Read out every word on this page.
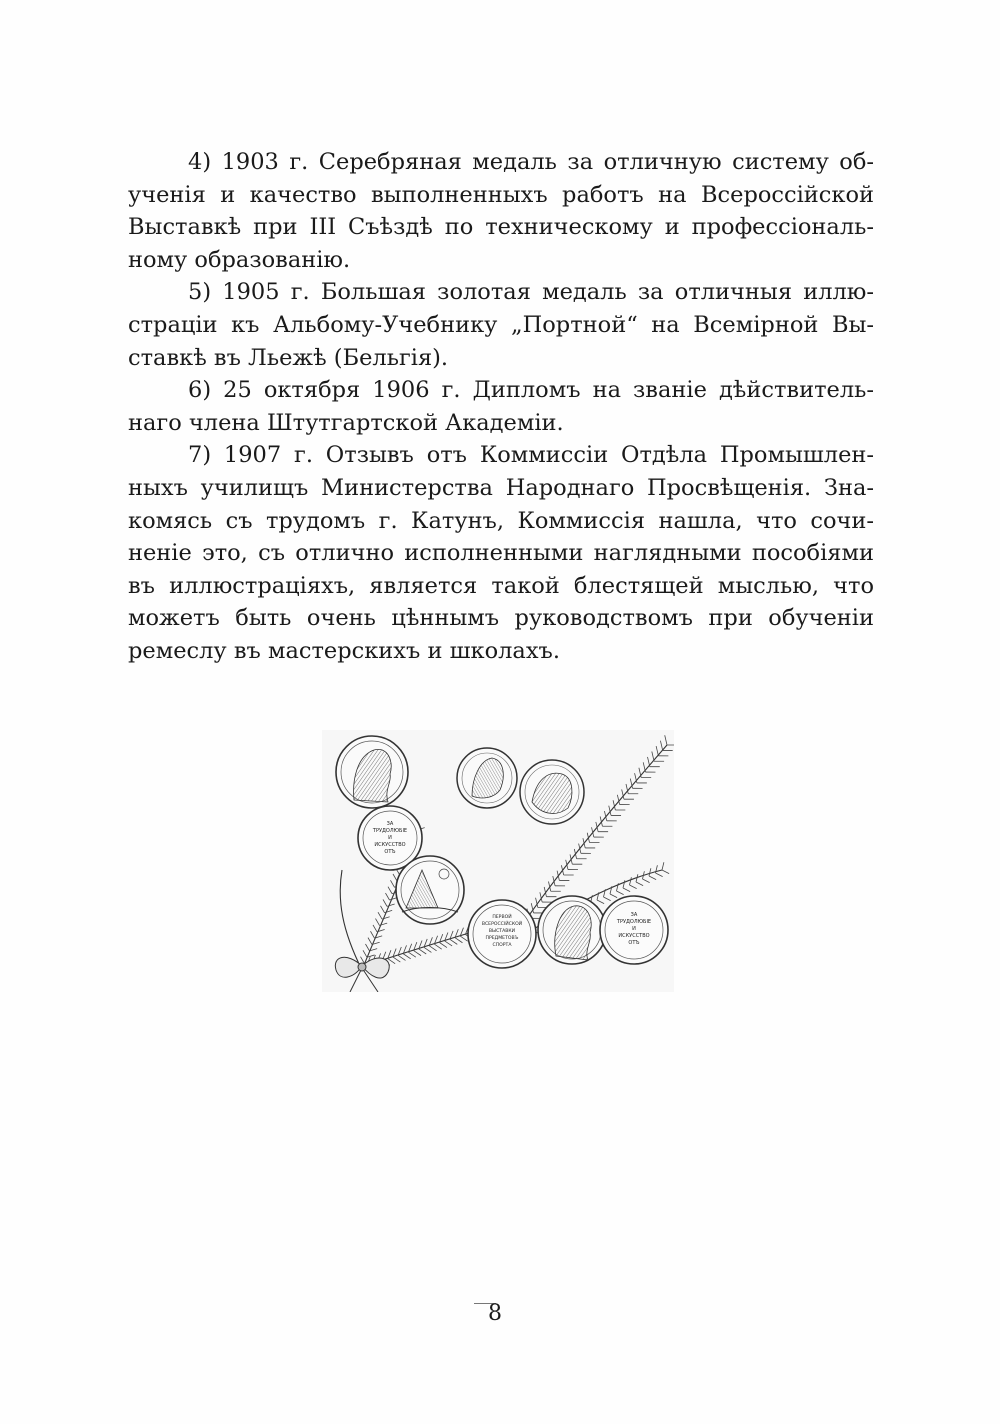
4) 1903 г. Серебряная медаль за отличную систему об-
ученія и качество выполненныхъ работъ на Всероссійской
Выставкѣ при III Съѣздѣ по техническому и профессіональ-
ному образованію.

5) 1905 г. Большая золотая медаль за отличныя иллю-
страціи къ Альбому-Учебнику „Портной“ на Всемірной Вы-
ставкѣ въ Льежѣ (Бельгія).

6) 25 октября 1906 г. Дипломъ на званіе дѣйствитель-
наго члена Штутгартской Академіи.

7) 1907 г. Отзывъ отъ Коммиссіи Отдѣла Промышлен-
ныхъ училищъ Министерства Народнаго Просвѣщенія. Зна-
комясь съ трудомъ г. Катунъ, Коммиссія нашла, что сочи-
неніе это, съ отлично исполненными наглядными пособіями
въ иллюстраціяхъ, является такой блестящей мыслью, что
можетъ быть очень цѣннымъ руководствомъ при обученіи
ремеслу въ мастерскихъ и школахъ.

ЗА
ТРУДОЛЮБІЕ
И
ИСКУССТВО
ОТЪ
ПЕРВОЙ
ВСЕРОССІЙСКОЙ
ВЫСТАВКИ
ПРЕДМЕТОВЪ
СПОРТА
ЗА
ТРУДОЛЮБІЕ
И
ИСКУССТВО
ОТЪ
8
